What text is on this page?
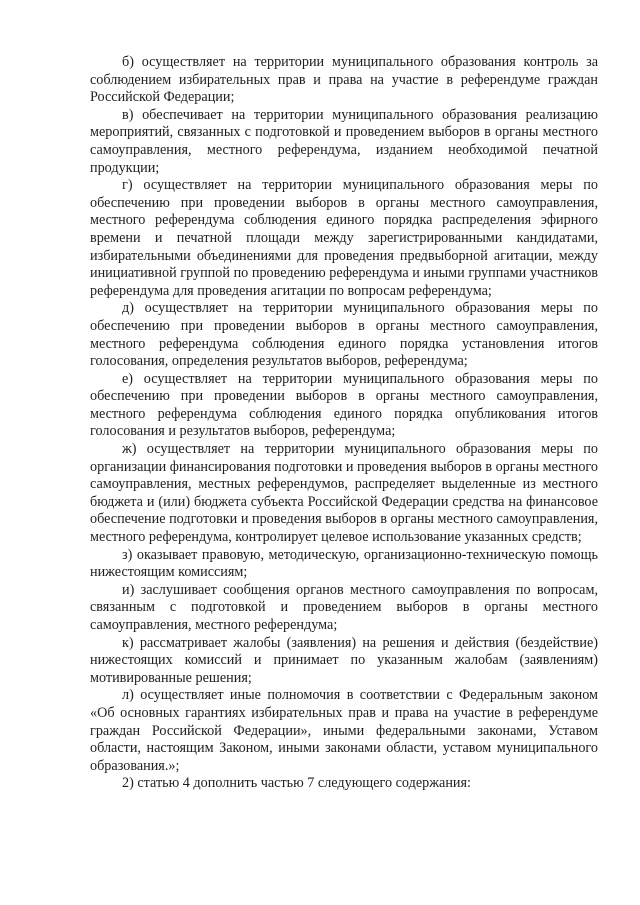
б) осуществляет на территории муниципального образования контроль за соблюдением избирательных прав и права на участие в референдуме граждан Российской Федерации;

в) обеспечивает на территории муниципального образования реализацию мероприятий, связанных с подготовкой и проведением выборов в органы местного самоуправления, местного референдума, изданием необходимой печатной продукции;

г) осуществляет на территории муниципального образования меры по обеспечению при проведении выборов в органы местного самоуправления, местного референдума соблюдения единого порядка распределения эфирного времени и печатной площади между зарегистрированными кандидатами, избирательными объединениями для проведения предвыборной агитации, между инициативной группой по проведению референдума и иными группами участников референдума для проведения агитации по вопросам референдума;

д) осуществляет на территории муниципального образования меры по обеспечению при проведении выборов в органы местного самоуправления, местного референдума соблюдения единого порядка установления итогов голосования, определения результатов выборов, референдума;

е) осуществляет на территории муниципального образования меры по обеспечению при проведении выборов в органы местного самоуправления, местного референдума соблюдения единого порядка опубликования итогов голосования и результатов выборов, референдума;

ж) осуществляет на территории муниципального образования меры по организации финансирования подготовки и проведения выборов в органы местного самоуправления, местных референдумов, распределяет выделенные из местного бюджета и (или) бюджета субъекта Российской Федерации средства на финансовое обеспечение подготовки и проведения выборов в органы местного самоуправления, местного референдума, контролирует целевое использование указанных средств;

з) оказывает правовую, методическую, организационно-техническую помощь нижестоящим комиссиям;

и) заслушивает сообщения органов местного самоуправления по вопросам, связанным с подготовкой и проведением выборов в органы местного самоуправления, местного референдума;

к) рассматривает жалобы (заявления) на решения и действия (бездействие) нижестоящих комиссий и принимает по указанным жалобам (заявлениям) мотивированные решения;

л) осуществляет иные полномочия в соответствии с Федеральным законом «Об основных гарантиях избирательных прав и права на участие в референдуме граждан Российской Федерации», иными федеральными законами, Уставом области, настоящим Законом, иными законами области, уставом муниципального образования.»;

2) статью 4 дополнить частью 7 следующего содержания:
